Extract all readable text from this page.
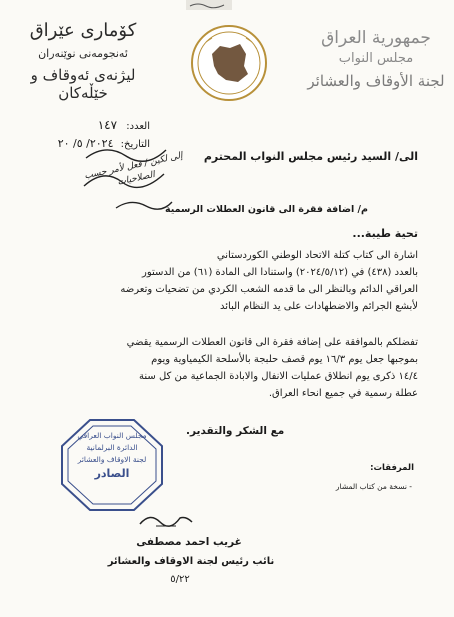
كۆماری عێراق
ئەنجومەنی نوێنەران
لیژنەی ئەوقاف و خێڵەکان
جمهورية العراق
مجلس النواب
لجنة الأوقاف والعشائر
العدد: ١٤٧
التاريخ: ٢٠٢٤/ ٥/ ٢٠
الى/ السيد رئيس مجلس النواب المحترم
إلى لكين / فعل لأمر حسب الصلاحيات
م/ اضافة فقرة الى قانون العطلات الرسمية
تحية طيبة...
اشارة الى كتاب كتلة الاتحاد الوطني الكوردستاني
بالعدد (٤٣٨) في (٢٠٢٤/٥/١٢) واستنادا الى المادة (٦١) من الدستور
العراقي الدائم وبالنظر الى ما قدمه الشعب الكردي من تضحيات وتعرضه
لأبشع الجرائم والاضطهادات على يد النظام البائد
تفضلكم بالموافقة على إضافة فقرة الى قانون العطلات الرسمية يقضي
بموجبها جعل يوم ١٦/٣ يوم قصف حلبجة بالأسلحة الكيمياوية ويوم
١٤/٤ ذكرى يوم انطلاق عمليات الانفال والابادة الجماعية من كل سنة
عطلة رسمية في جميع انحاء العراق.
مع الشكر والتقدير.
مجلس النواب العراقي
الدائرة البرلمانية
لجنة الاوقاف والعشائر
الصادر	المرفقات:
- نسخة من كتاب المشار
غريب احمد مصطفى
نائب رئيس لجنة الاوقاف والعشائر
٥/٢٢
